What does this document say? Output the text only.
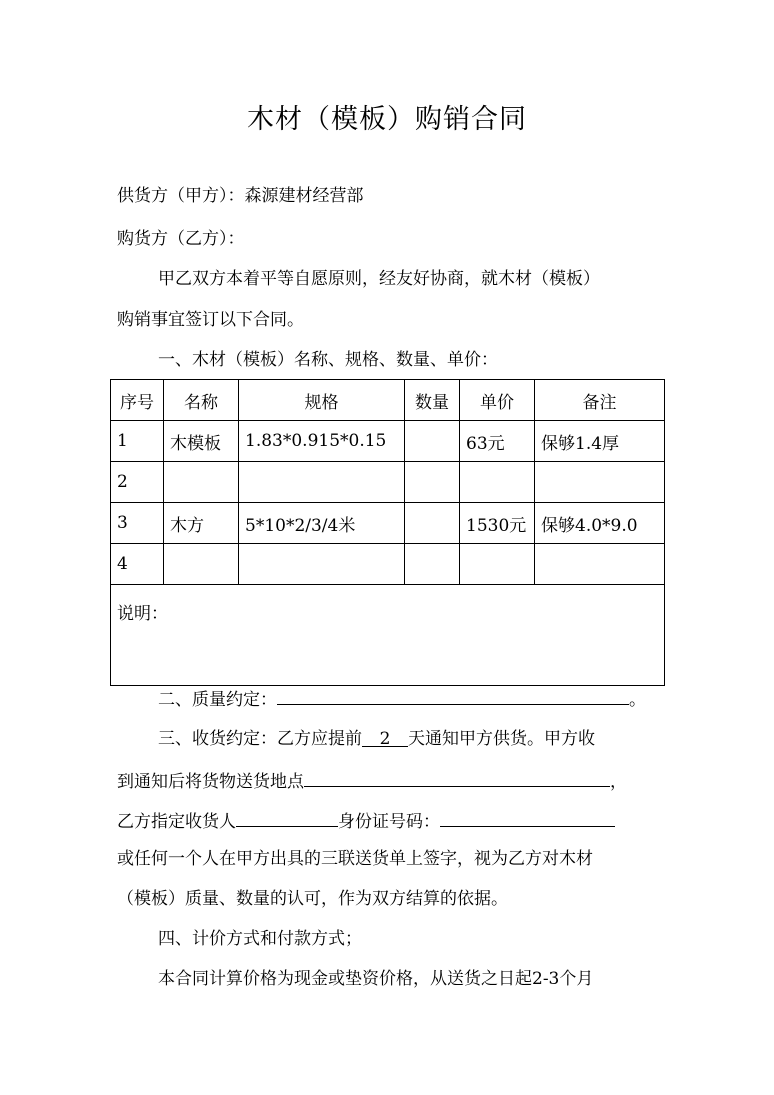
木材（模板）购销合同
供货方（甲方）：森源建材经营部
购货方（乙方）：
甲乙双方本着平等自愿原则，经友好协商，就木材（模板）
购销事宜签订以下合同。
一、木材（模板）名称、规格、数量、单价：
序号	名称	规格	数量	单价	备注
1	木模板	1.83*0.915*0.15		63元	保够1.4厚
2					
3	木方	5*10*2/3/4米		1530元	保够4.0*9.0
4					
说明：					
二、质量约定：	。
三、收货约定：乙方应提前 2 天通知甲方供货。甲方收
到通知后将货物送货地点	，
乙方指定收货人	身份证号码：
或任何一个人在甲方出具的三联送货单上签字，视为乙方对木材
（模板）质量、数量的认可，作为双方结算的依据。
四、计价方式和付款方式；
本合同计算价格为现金或垫资价格，从送货之日起2-3个月
